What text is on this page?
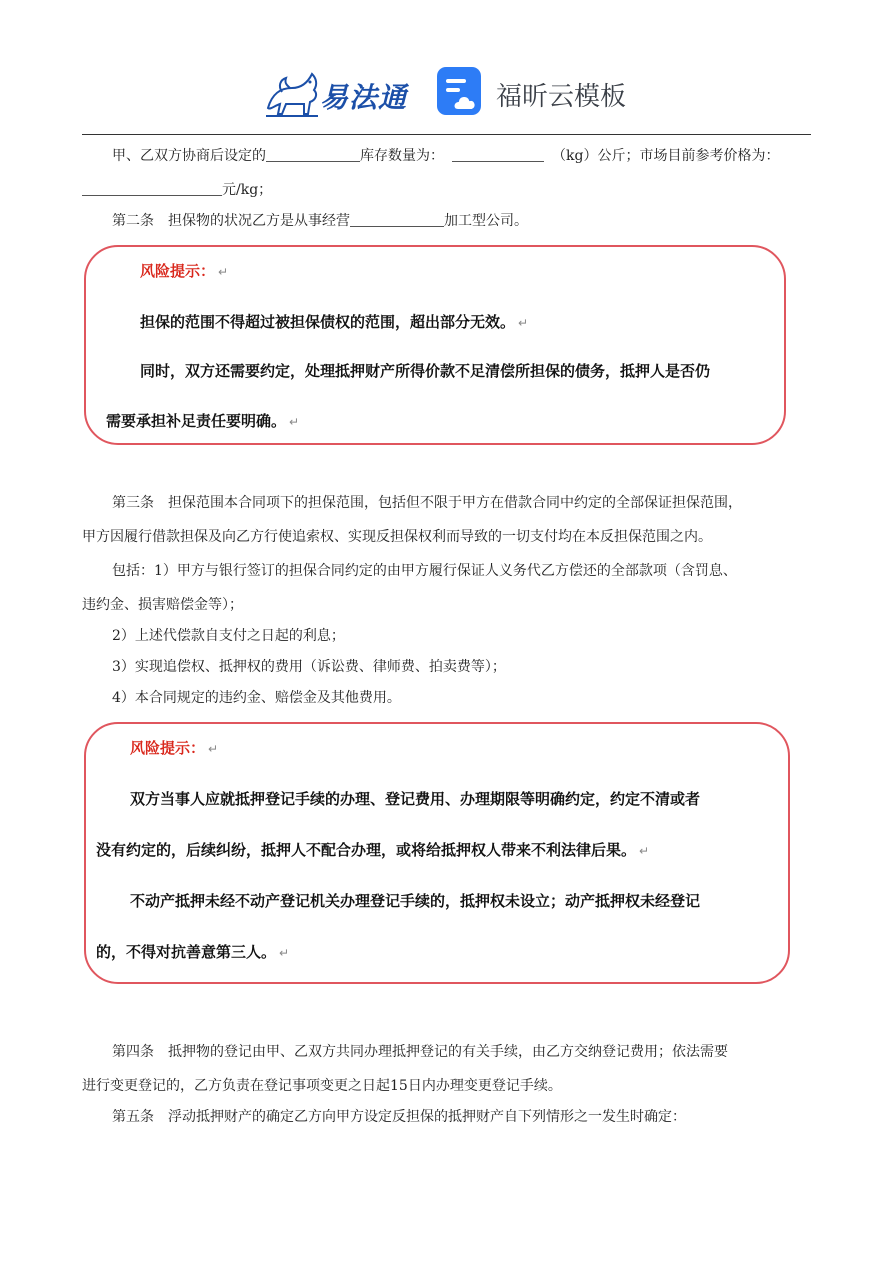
易法通	福昕云模板
甲、乙双方协商后设定的	库存数量为：	（kg）公斤；市场目前参考价格为：
元/kg；
第二条　担保物的状况乙方是从事经营	加工型公司。
风险提示： ↵
担保的范围不得超过被担保债权的范围，超出部分无效。 ↵
同时，双方还需要约定，处理抵押财产所得价款不足清偿所担保的债务，抵押人是否仍
需要承担补足责任要明确。 ↵
第三条　担保范围本合同项下的担保范围，包括但不限于甲方在借款合同中约定的全部保证担保范围，
甲方因履行借款担保及向乙方行使追索权、实现反担保权利而导致的一切支付均在本反担保范围之内。
包括：1）甲方与银行签订的担保合同约定的由甲方履行保证人义务代乙方偿还的全部款项（含罚息、
违约金、损害赔偿金等）；
2）上述代偿款自支付之日起的利息；
3）实现追偿权、抵押权的费用（诉讼费、律师费、拍卖费等）；
4）本合同规定的违约金、赔偿金及其他费用。
风险提示： ↵
双方当事人应就抵押登记手续的办理、登记费用、办理期限等明确约定，约定不清或者
没有约定的，后续纠纷，抵押人不配合办理，或将给抵押权人带来不利法律后果。 ↵
不动产抵押未经不动产登记机关办理登记手续的，抵押权未设立；动产抵押权未经登记
的，不得对抗善意第三人。 ↵
第四条　抵押物的登记由甲、乙双方共同办理抵押登记的有关手续，由乙方交纳登记费用；依法需要
进行变更登记的，乙方负责在登记事项变更之日起15日内办理变更登记手续。
第五条　浮动抵押财产的确定乙方向甲方设定反担保的抵押财产自下列情形之一发生时确定：
